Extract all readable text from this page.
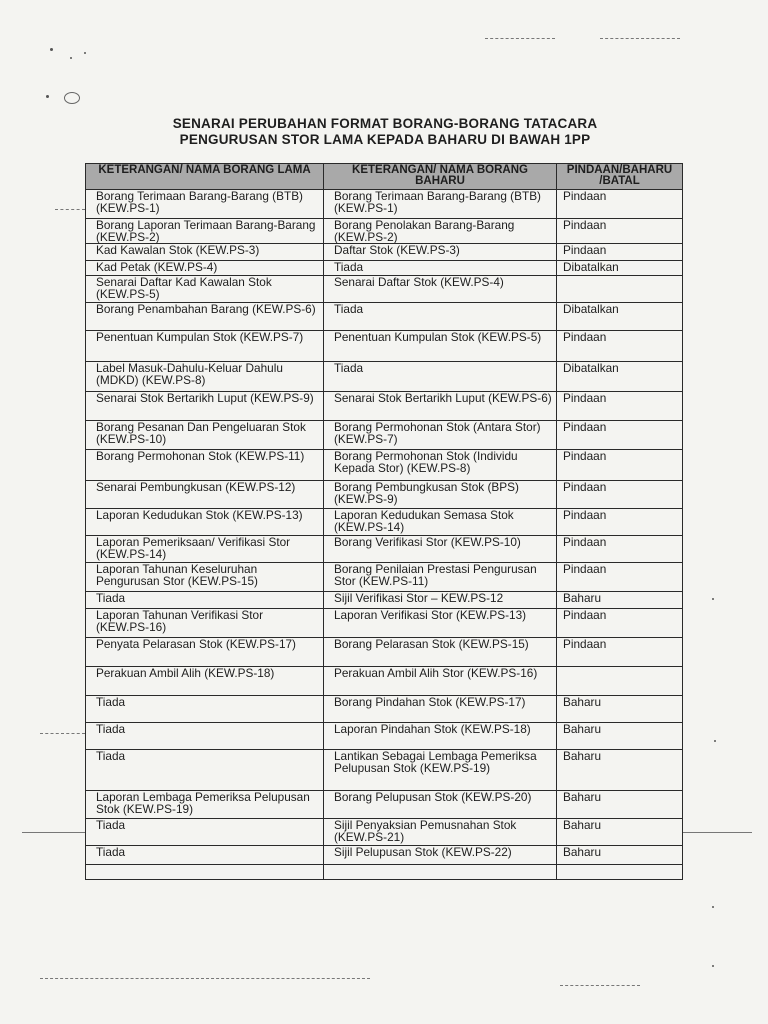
SENARAI PERUBAHAN FORMAT BORANG-BORANG TATACARA
PENGURUSAN STOR LAMA KEPADA BAHARU DI BAWAH 1PP
KETERANGAN/ NAMA BORANG LAMA	KETERANGAN/ NAMA BORANG BAHARU	PINDAAN/BAHARU /BATAL
Borang Terimaan Barang-Barang (BTB) (KEW.PS-1)	Borang Terimaan Barang-Barang (BTB) (KEW.PS-1)	Pindaan
Borang Laporan Terimaan Barang-Barang (KEW.PS-2)	Borang Penolakan Barang-Barang (KEW.PS-2)	Pindaan
Kad Kawalan Stok (KEW.PS-3)	Daftar Stok (KEW.PS-3)	Pindaan
Kad Petak (KEW.PS-4)	Tiada	Dibatalkan
Senarai Daftar Kad Kawalan Stok (KEW.PS-5)	Senarai Daftar Stok (KEW.PS-4)	
Borang Penambahan Barang (KEW.PS-6)	Tiada	Dibatalkan
Penentuan Kumpulan Stok (KEW.PS-7)	Penentuan Kumpulan Stok (KEW.PS-5)	Pindaan
Label Masuk-Dahulu-Keluar Dahulu (MDKD) (KEW.PS-8)	Tiada	Dibatalkan
Senarai Stok Bertarikh Luput (KEW.PS-9)	Senarai Stok Bertarikh Luput (KEW.PS-6)	Pindaan
Borang Pesanan Dan Pengeluaran Stok (KEW.PS-10)	Borang Permohonan Stok (Antara Stor) (KEW.PS-7)	Pindaan
Borang Permohonan Stok (KEW.PS-11)	Borang Permohonan Stok (Individu Kepada Stor) (KEW.PS-8)	Pindaan
Senarai Pembungkusan (KEW.PS-12)	Borang Pembungkusan Stok (BPS) (KEW.PS-9)	Pindaan
Laporan Kedudukan Stok (KEW.PS-13)	Laporan Kedudukan Semasa Stok (KEW.PS-14)	Pindaan
Laporan Pemeriksaan/ Verifikasi Stor (KEW.PS-14)	Borang Verifikasi Stor (KEW.PS-10)	Pindaan
Laporan Tahunan Keseluruhan Pengurusan Stor (KEW.PS-15)	Borang Penilaian Prestasi Pengurusan Stor (KEW.PS-11)	Pindaan
Tiada	Sijil Verifikasi Stor – KEW.PS-12	Baharu
Laporan Tahunan Verifikasi Stor (KEW.PS-16)	Laporan Verifikasi Stor (KEW.PS-13)	Pindaan
Penyata Pelarasan Stok (KEW.PS-17)	Borang Pelarasan Stok (KEW.PS-15)	Pindaan
Perakuan Ambil Alih (KEW.PS-18)	Perakuan Ambil Alih Stor (KEW.PS-16)	
Tiada	Borang Pindahan Stok (KEW.PS-17)	Baharu
Tiada	Laporan Pindahan Stok (KEW.PS-18)	Baharu
Tiada	Lantikan Sebagai Lembaga Pemeriksa Pelupusan Stok (KEW.PS-19)	Baharu
Laporan Lembaga Pemeriksa Pelupusan Stok (KEW.PS-19)	Borang Pelupusan Stok (KEW.PS-20)	Baharu
Tiada	Sijil Penyaksian Pemusnahan Stok (KEW.PS-21)	Baharu
Tiada	Sijil Pelupusan Stok (KEW.PS-22)	Baharu
